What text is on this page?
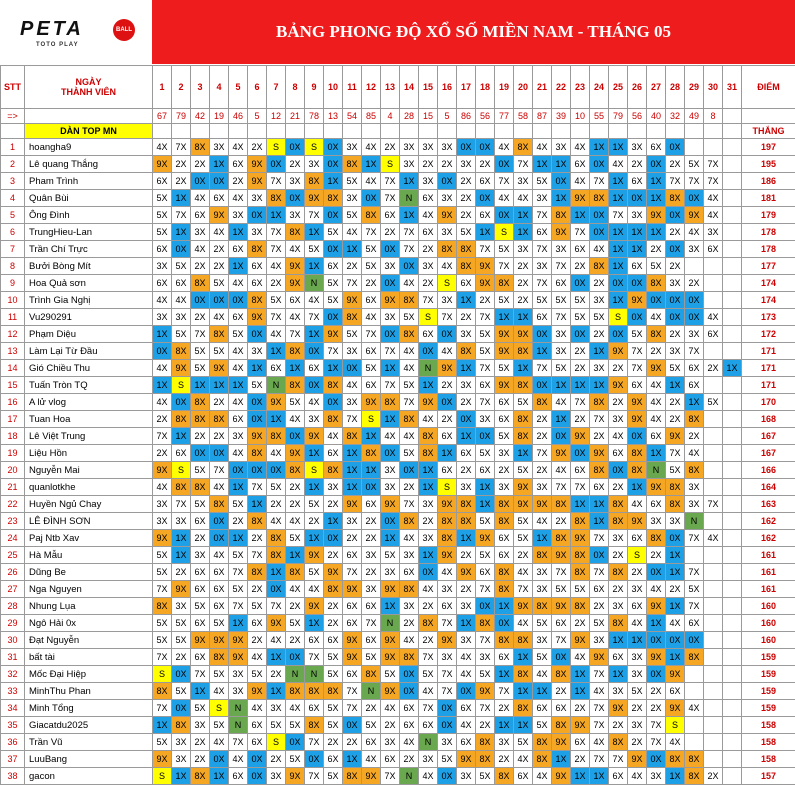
PETA	BALL
TOTO PLAY
BẢNG PHONG ĐỘ XỔ SỐ MIỀN NAM - THÁNG 05
STT	NGÀY
THÀNH VIÊN	1	2	3	4	5	6	7	8	9	10	11	12	13	14	15	16	17	18	19	20	21	22	23	24	25	26	27	28	29	30	31	ĐIỂM
=>		67	79	42	19	46	5	12	21	78	13	54	85	4	28	15	5	86	56	77	58	87	39	10	55	79	56	40	32	49	8		
	DÀN TOP MN																																THẮNG
1	hoangha9	4X	7X	8X	3X	4X	2X	S	0X	S	0X	3X	4X	2X	3X	3X	3X	0X	0X	4X	8X	4X	3X	4X	1X	1X	3X	6X	0X				197
2	Lê quang Thắng	9X	2X	2X	1X	6X	9X	0X	2X	3X	0X	8X	1X	S	3X	2X	2X	3X	2X	0X	7X	1X	1X	6X	0X	4X	2X	0X	2X	5X	7X		195
3	Pham Trình	6X	2X	0X	0X	2X	9X	7X	3X	8X	1X	5X	4X	7X	1X	3X	0X	2X	6X	7X	3X	5X	0X	4X	7X	1X	6X	1X	7X	7X	7X		186
4	Quân Bùi	5X	1X	4X	6X	4X	3X	8X	0X	9X	8X	3X	0X	7X	N	6X	3X	2X	0X	4X	4X	3X	1X	9X	8X	1X	0X	1X	8X	0X	4X		181
5	Ông Đình	5X	7X	6X	9X	3X	0X	1X	3X	7X	0X	5X	8X	6X	1X	4X	9X	2X	6X	0X	1X	7X	8X	1X	0X	7X	3X	9X	0X	9X	4X		179
6	TrungHieu-Lan	5X	1X	3X	4X	1X	3X	7X	8X	1X	5X	4X	7X	2X	7X	6X	3X	5X	1X	S	1X	6X	9X	7X	0X	1X	1X	1X	2X	4X	3X		178
7	Trần Chí Trực	6X	0X	4X	2X	6X	8X	7X	4X	5X	0X	1X	5X	0X	7X	2X	8X	8X	7X	5X	3X	7X	3X	6X	4X	1X	1X	2X	0X	3X	6X		178
8	Bưởi Bòng Mít	3X	5X	2X	2X	1X	6X	4X	9X	1X	6X	2X	5X	3X	0X	3X	4X	8X	9X	7X	2X	3X	7X	2X	8X	1X	6X	5X	2X				177
9	Hoa Quả sơn	6X	6X	8X	5X	4X	6X	2X	9X	N	5X	7X	2X	0X	4X	2X	S	6X	9X	8X	2X	7X	6X	0X	2X	0X	0X	8X	3X	2X			174
10	Trình Gia Nghị	4X	4X	0X	0X	0X	8X	5X	6X	4X	5X	9X	6X	9X	8X	7X	3X	1X	2X	5X	2X	5X	5X	5X	3X	1X	9X	0X	0X	0X			174
11	Vu290291	3X	3X	2X	4X	6X	9X	7X	4X	7X	0X	8X	4X	3X	5X	S	7X	2X	7X	1X	1X	6X	7X	5X	5X	S	0X	4X	0X	0X	4X		173
12	Phạm Diệu	1X	5X	7X	8X	5X	0X	4X	7X	1X	9X	5X	7X	0X	8X	6X	0X	3X	5X	9X	9X	0X	3X	0X	2X	0X	5X	8X	2X	3X	6X		172
13	Làm Lại Từ Đầu	0X	8X	5X	5X	4X	3X	1X	8X	0X	7X	3X	6X	7X	4X	0X	4X	8X	5X	9X	8X	1X	3X	2X	1X	9X	7X	2X	3X	7X			171
14	Gió Chiều Thu	4X	9X	5X	9X	4X	1X	6X	1X	6X	1X	0X	5X	1X	4X	N	9X	1X	7X	5X	1X	7X	5X	2X	3X	2X	7X	9X	5X	6X	2X	1X	171
15	Tuấn Tròn TQ	1X	S	1X	1X	1X	5X	N	8X	0X	8X	4X	6X	7X	5X	1X	2X	3X	6X	9X	8X	0X	1X	1X	1X	9X	6X	4X	1X	6X			171
16	A lử vlog	4X	0X	8X	2X	4X	0X	9X	5X	4X	0X	3X	9X	8X	7X	9X	0X	2X	7X	6X	5X	8X	4X	7X	8X	2X	9X	4X	2X	1X	5X		170
17	Tuan Hoa	2X	8X	8X	8X	6X	0X	1X	4X	3X	8X	7X	S	1X	8X	4X	2X	0X	3X	6X	8X	2X	1X	2X	7X	3X	9X	4X	2X	8X			168
18	Lê Việt Trung	7X	1X	2X	2X	3X	9X	8X	0X	9X	4X	8X	1X	4X	4X	8X	6X	1X	0X	5X	8X	2X	0X	9X	2X	4X	0X	6X	9X	2X			167
19	Liệu Hồn	2X	6X	0X	0X	4X	8X	4X	9X	1X	6X	1X	8X	0X	5X	8X	1X	6X	5X	3X	1X	7X	9X	0X	9X	6X	8X	1X	7X	4X			167
20	Nguyễn Mai	9X	S	5X	7X	0X	0X	0X	8X	S	8X	1X	1X	3X	0X	1X	6X	2X	6X	2X	5X	2X	4X	6X	8X	0X	8X	N	5X	8X			166
21	quanlotkhe	4X	8X	8X	4X	1X	7X	5X	2X	1X	3X	1X	0X	3X	2X	1X	S	3X	1X	3X	9X	3X	7X	7X	6X	2X	1X	9X	8X	3X			164
22	Huyền Ngủ Chay	3X	7X	5X	8X	5X	1X	2X	2X	5X	2X	9X	6X	9X	7X	3X	9X	8X	1X	8X	9X	9X	8X	1X	1X	8X	4X	6X	8X	3X	7X		163
23	LÊ ĐÌNH SƠN	3X	3X	6X	0X	2X	8X	4X	4X	2X	1X	3X	2X	0X	8X	2X	8X	8X	5X	8X	5X	4X	2X	8X	1X	8X	9X	3X	3X	N			162
24	Paj Ntb Xav	9X	1X	2X	0X	1X	2X	8X	5X	1X	0X	2X	2X	1X	4X	3X	8X	1X	9X	6X	5X	1X	8X	9X	7X	3X	6X	8X	0X	7X	4X		162
25	Hà Mẫu	5X	1X	3X	4X	5X	7X	8X	1X	9X	2X	6X	3X	5X	3X	1X	9X	2X	5X	6X	2X	8X	9X	8X	0X	2X	S	2X	1X				161
26	Dũng Be	5X	2X	6X	6X	7X	8X	1X	8X	5X	9X	7X	2X	3X	6X	0X	4X	9X	6X	8X	4X	3X	7X	8X	7X	8X	2X	0X	1X	7X			161
27	Nga Nguyen	7X	9X	6X	6X	5X	2X	0X	4X	4X	8X	9X	3X	9X	8X	4X	3X	2X	7X	8X	7X	3X	5X	5X	6X	2X	3X	4X	2X	5X			161
28	Nhung Lụa	8X	3X	5X	6X	7X	5X	7X	2X	9X	2X	6X	6X	1X	3X	2X	6X	3X	0X	1X	9X	8X	9X	8X	2X	3X	6X	9X	1X	7X			160
29	Ngô Hải 0x	5X	5X	6X	5X	1X	6X	9X	5X	1X	2X	6X	7X	N	2X	8X	7X	1X	8X	0X	4X	5X	6X	2X	5X	8X	4X	1X	4X	6X			160
30	Đạt Nguyễn	5X	5X	9X	9X	9X	2X	4X	2X	6X	6X	9X	6X	9X	4X	2X	9X	3X	7X	8X	8X	3X	7X	9X	3X	1X	1X	0X	0X	0X			160
31	bất tài	7X	2X	6X	8X	9X	4X	1X	0X	7X	5X	9X	5X	9X	8X	7X	3X	4X	3X	6X	1X	5X	0X	4X	9X	6X	3X	9X	1X	8X			159
32	Mốc Đại Hiệp	S	0X	7X	5X	3X	5X	2X	N	N	5X	6X	8X	5X	0X	5X	7X	4X	5X	1X	8X	4X	8X	1X	7X	1X	3X	0X	9X				159
33	MinhThu Phan	8X	5X	1X	4X	3X	9X	1X	8X	8X	8X	7X	N	9X	0X	4X	7X	0X	9X	7X	1X	1X	2X	1X	4X	3X	5X	2X	6X				159
34	Minh Tổng	7X	0X	5X	S	N	4X	3X	4X	6X	5X	7X	2X	4X	6X	7X	0X	6X	7X	2X	8X	6X	6X	2X	7X	9X	2X	2X	9X	4X			159
35	Giacatdu2025	1X	8X	3X	5X	N	6X	5X	5X	8X	5X	0X	5X	2X	6X	6X	0X	4X	2X	1X	1X	5X	8X	9X	7X	2X	3X	7X	S				158
36	Trần Vũ	5X	3X	2X	4X	7X	6X	S	0X	7X	2X	2X	6X	3X	4X	N	3X	6X	8X	3X	5X	8X	9X	6X	4X	8X	2X	7X	4X				158
37	LuuBang	9X	3X	2X	0X	4X	0X	2X	5X	0X	6X	1X	4X	6X	2X	3X	5X	9X	8X	2X	4X	8X	1X	2X	7X	7X	9X	0X	8X	8X			158
38	gacon	S	1X	8X	1X	6X	0X	3X	9X	7X	5X	8X	9X	7X	N	4X	0X	3X	5X	8X	6X	4X	9X	1X	1X	6X	4X	3X	1X	8X	2X		157
